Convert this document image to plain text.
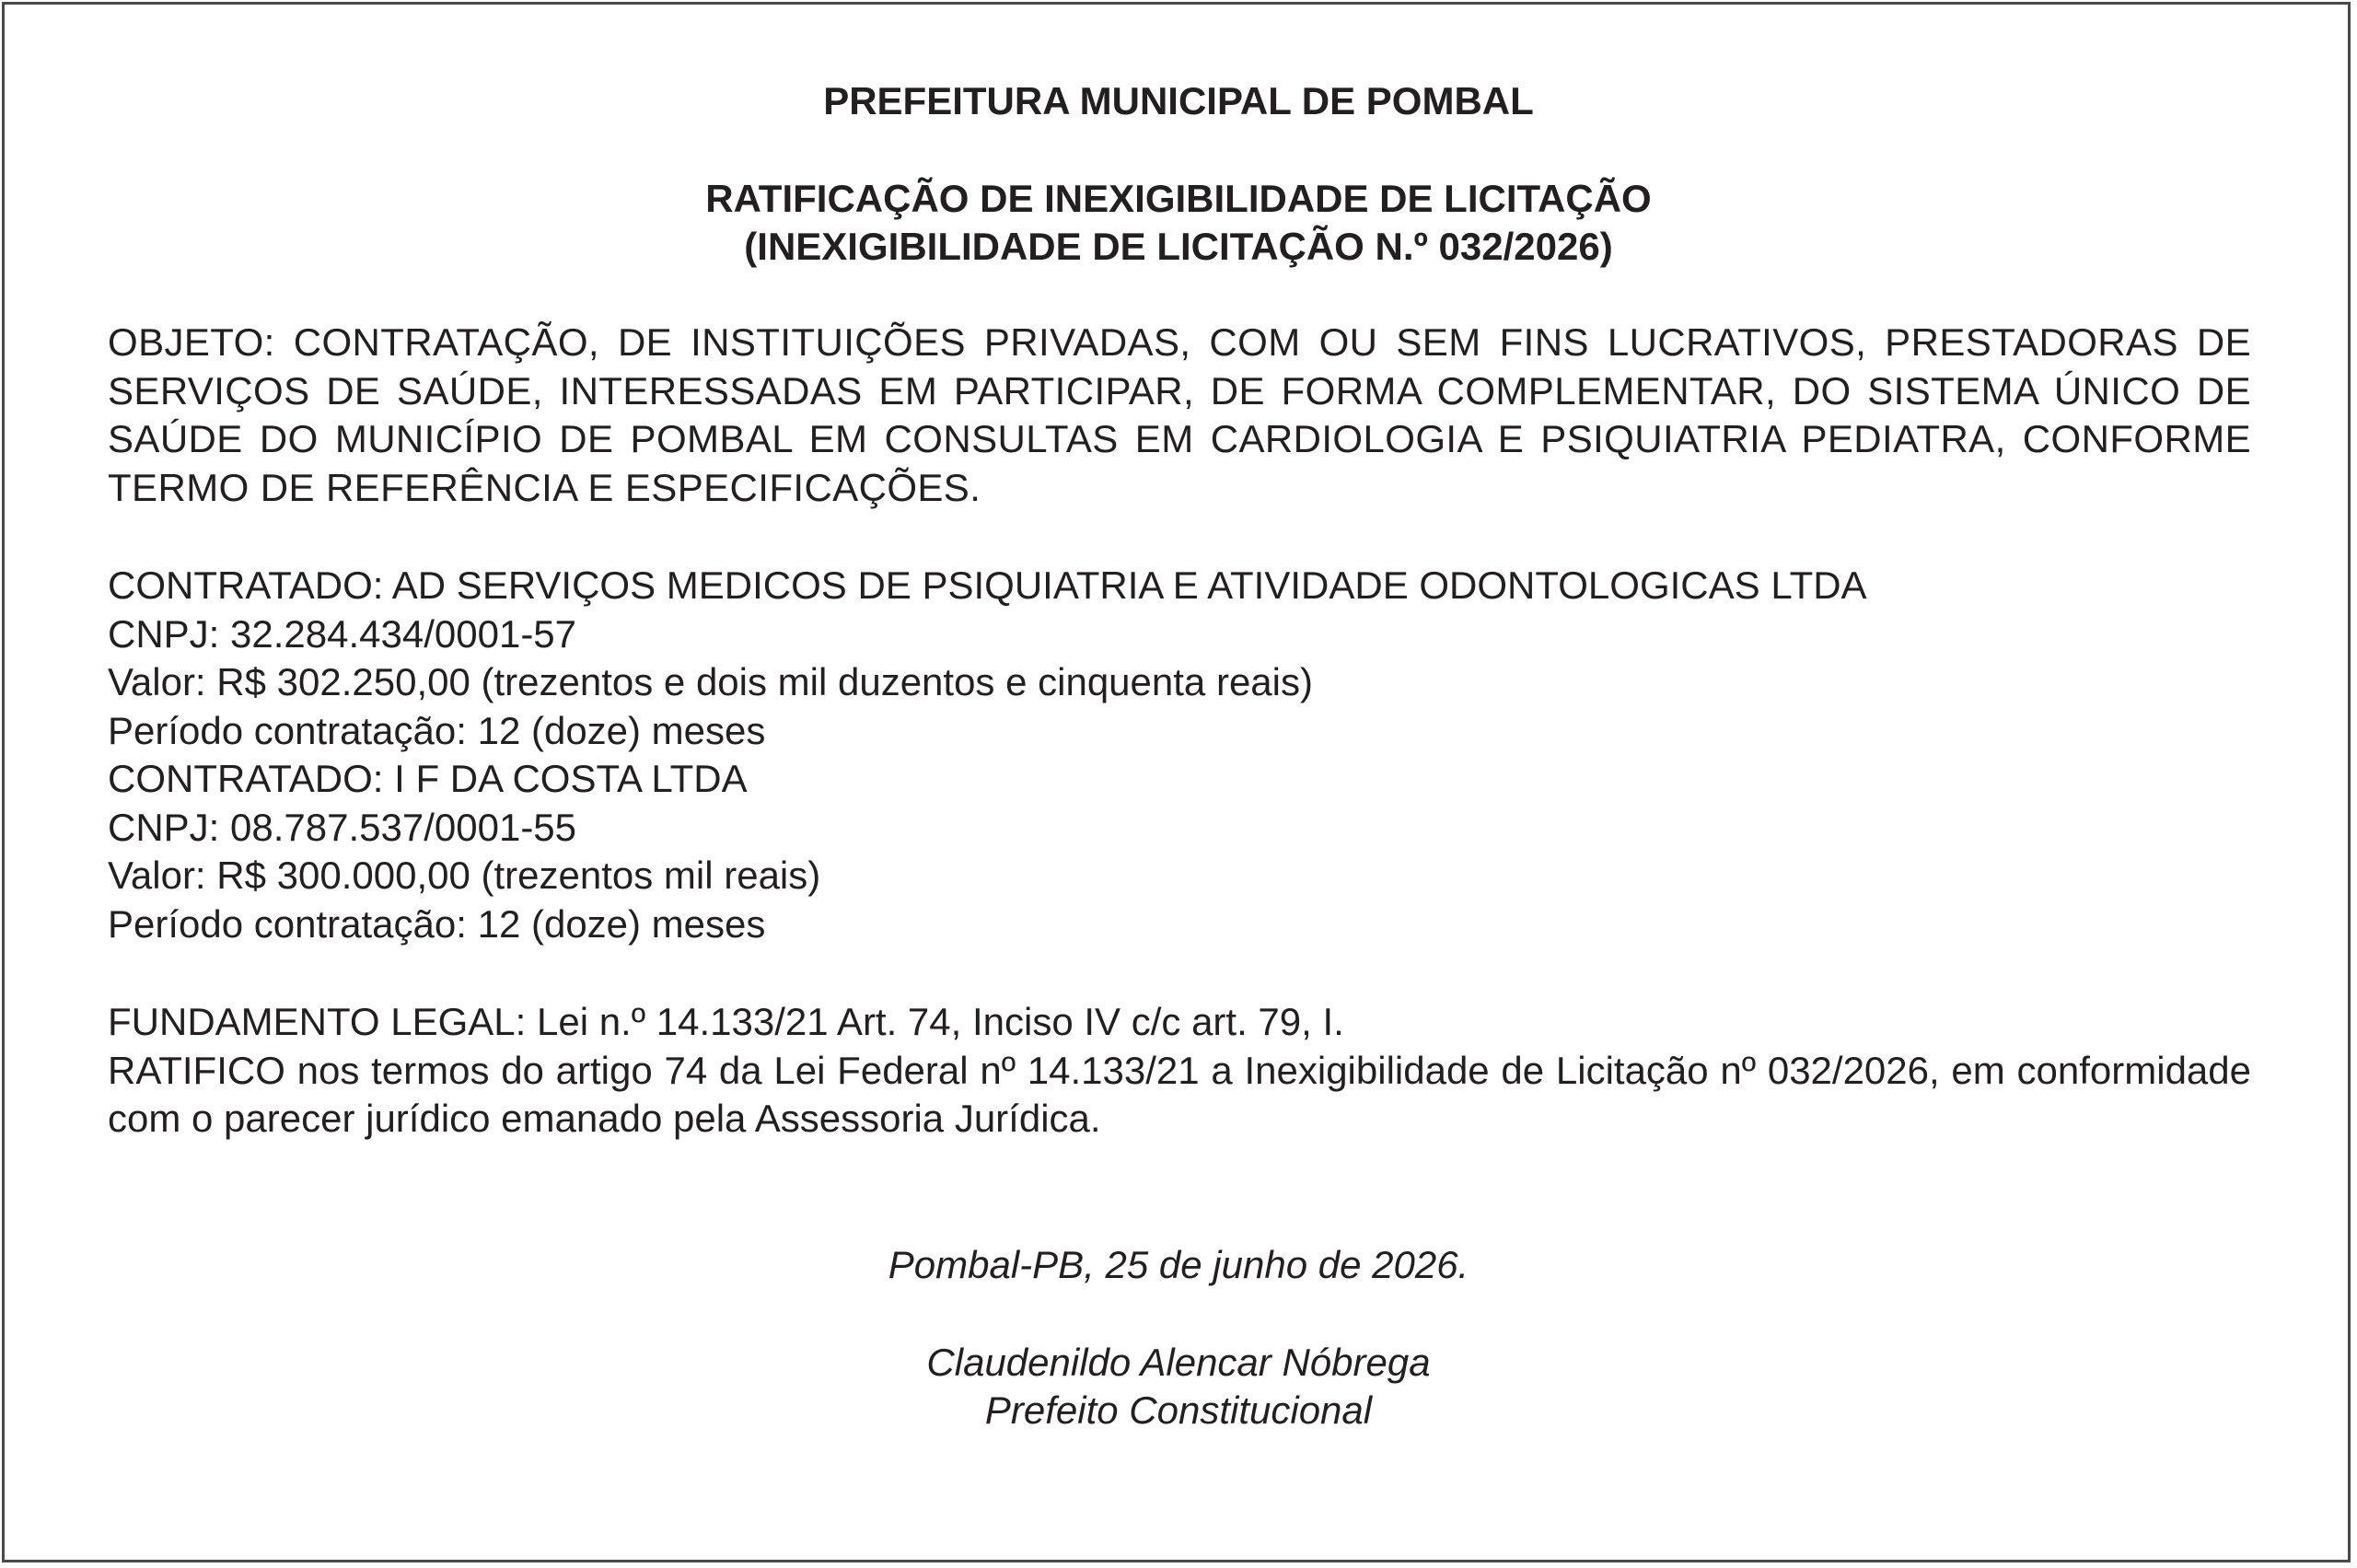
PREFEITURA MUNICIPAL DE POMBAL
RATIFICAÇÃO DE INEXIGIBILIDADE DE LICITAÇÃO
(INEXIGIBILIDADE DE LICITAÇÃO N.º 032/2026)
OBJETO: CONTRATAÇÃO, DE INSTITUIÇÕES PRIVADAS, COM OU SEM FINS LUCRATIVOS, PRESTADORAS DE SERVIÇOS DE SAÚDE, INTERESSADAS EM PARTICIPAR, DE FORMA COMPLEMENTAR, DO SISTEMA ÚNICO DE SAÚDE DO MUNICÍPIO DE POMBAL EM CONSULTAS EM CARDIOLOGIA E PSIQUIATRIA PEDIATRA, CONFORME TERMO DE REFERÊNCIA E ESPECIFICAÇÕES.
CONTRATADO: AD SERVIÇOS MEDICOS DE PSIQUIATRIA E ATIVIDADE ODONTOLOGICAS LTDA
CNPJ: 32.284.434/0001-57
Valor: R$ 302.250,00 (trezentos e dois mil duzentos e cinquenta reais)
Período contratação: 12 (doze) meses
CONTRATADO: I F DA COSTA LTDA
CNPJ: 08.787.537/0001-55
Valor: R$ 300.000,00 (trezentos mil reais)
Período contratação: 12 (doze) meses
FUNDAMENTO LEGAL: Lei n.º 14.133/21 Art. 74, Inciso IV c/c art. 79, I.
RATIFICO nos termos do artigo 74 da Lei Federal nº 14.133/21 a Inexigibilidade de Licitação nº 032/2026, em conformidade com o parecer jurídico emanado pela Assessoria Jurídica.
Pombal-PB, 25 de junho de 2026.
Claudenildo Alencar Nóbrega
Prefeito Constitucional
